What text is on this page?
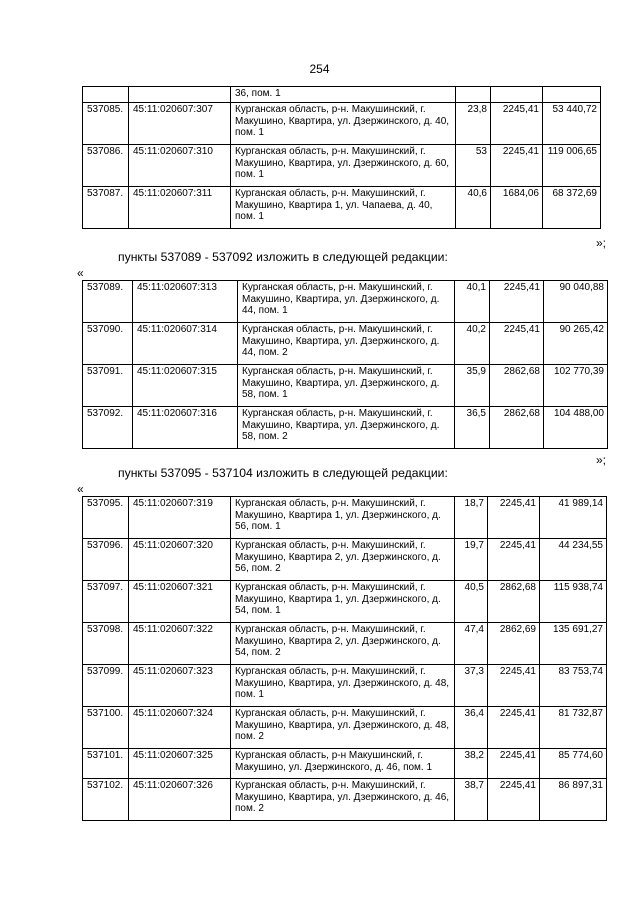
254
		36, пом. 1			
537085.	45:11:020607:307	Курганская область, р-н. Макушинский, г. Макушино, Квартира, ул. Дзержинского, д. 40, пом. 1	23,8	2245,41	53 440,72
537086.	45:11:020607:310	Курганская область, р-н. Макушинский, г. Макушино, Квартира, ул. Дзержинского, д. 60, пом. 1	53	2245,41	119 006,65
537087.	45:11:020607:311	Курганская область, р-н. Макушинский, г. Макушино, Квартира 1, ул. Чапаева, д. 40, пом. 1	40,6	1684,06	68 372,69
»;
пункты 537089 - 537092 изложить в следующей редакции:
«
537089.	45:11:020607:313	Курганская область, р-н. Макушинский, г. Макушино, Квартира, ул. Дзержинского, д. 44, пом. 1	40,1	2245,41	90 040,88
537090.	45:11:020607:314	Курганская область, р-н. Макушинский, г. Макушино, Квартира, ул. Дзержинского, д. 44, пом. 2	40,2	2245,41	90 265,42
537091.	45:11:020607:315	Курганская область, р-н. Макушинский, г. Макушино, Квартира, ул. Дзержинского, д. 58, пом. 1	35,9	2862,68	102 770,39
537092.	45:11:020607:316	Курганская область, р-н. Макушинский, г. Макушино, Квартира, ул. Дзержинского, д. 58, пом. 2	36,5	2862,68	104 488,00
»;
пункты 537095 - 537104 изложить в следующей редакции:
«
537095.	45:11:020607:319	Курганская область, р-н. Макушинский, г. Макушино, Квартира 1, ул. Дзержинского, д. 56, пом. 1	18,7	2245,41	41 989,14
537096.	45:11:020607:320	Курганская область, р-н. Макушинский, г. Макушино, Квартира 2, ул. Дзержинского, д. 56, пом. 2	19,7	2245,41	44 234,55
537097.	45:11:020607:321	Курганская область, р-н. Макушинский, г. Макушино, Квартира 1, ул. Дзержинского, д. 54, пом. 1	40,5	2862,68	115 938,74
537098.	45:11:020607:322	Курганская область, р-н. Макушинский, г. Макушино, Квартира 2, ул. Дзержинского, д. 54, пом. 2	47,4	2862,69	135 691,27
537099.	45:11:020607:323	Курганская область, р-н. Макушинский, г. Макушино, Квартира, ул. Дзержинского, д. 48, пом. 1	37,3	2245,41	83 753,74
537100.	45:11:020607:324	Курганская область, р-н. Макушинский, г. Макушино, Квартира, ул. Дзержинского, д. 48, пом. 2	36,4	2245,41	81 732,87
537101.	45:11:020607:325	Курганская область, р-н Макушинский, г. Макушино, ул. Дзержинского, д. 46, пом. 1	38,2	2245,41	85 774,60
537102.	45:11:020607:326	Курганская область, р-н. Макушинский, г. Макушино, Квартира, ул. Дзержинского, д. 46, пом. 2	38,7	2245,41	86 897,31
